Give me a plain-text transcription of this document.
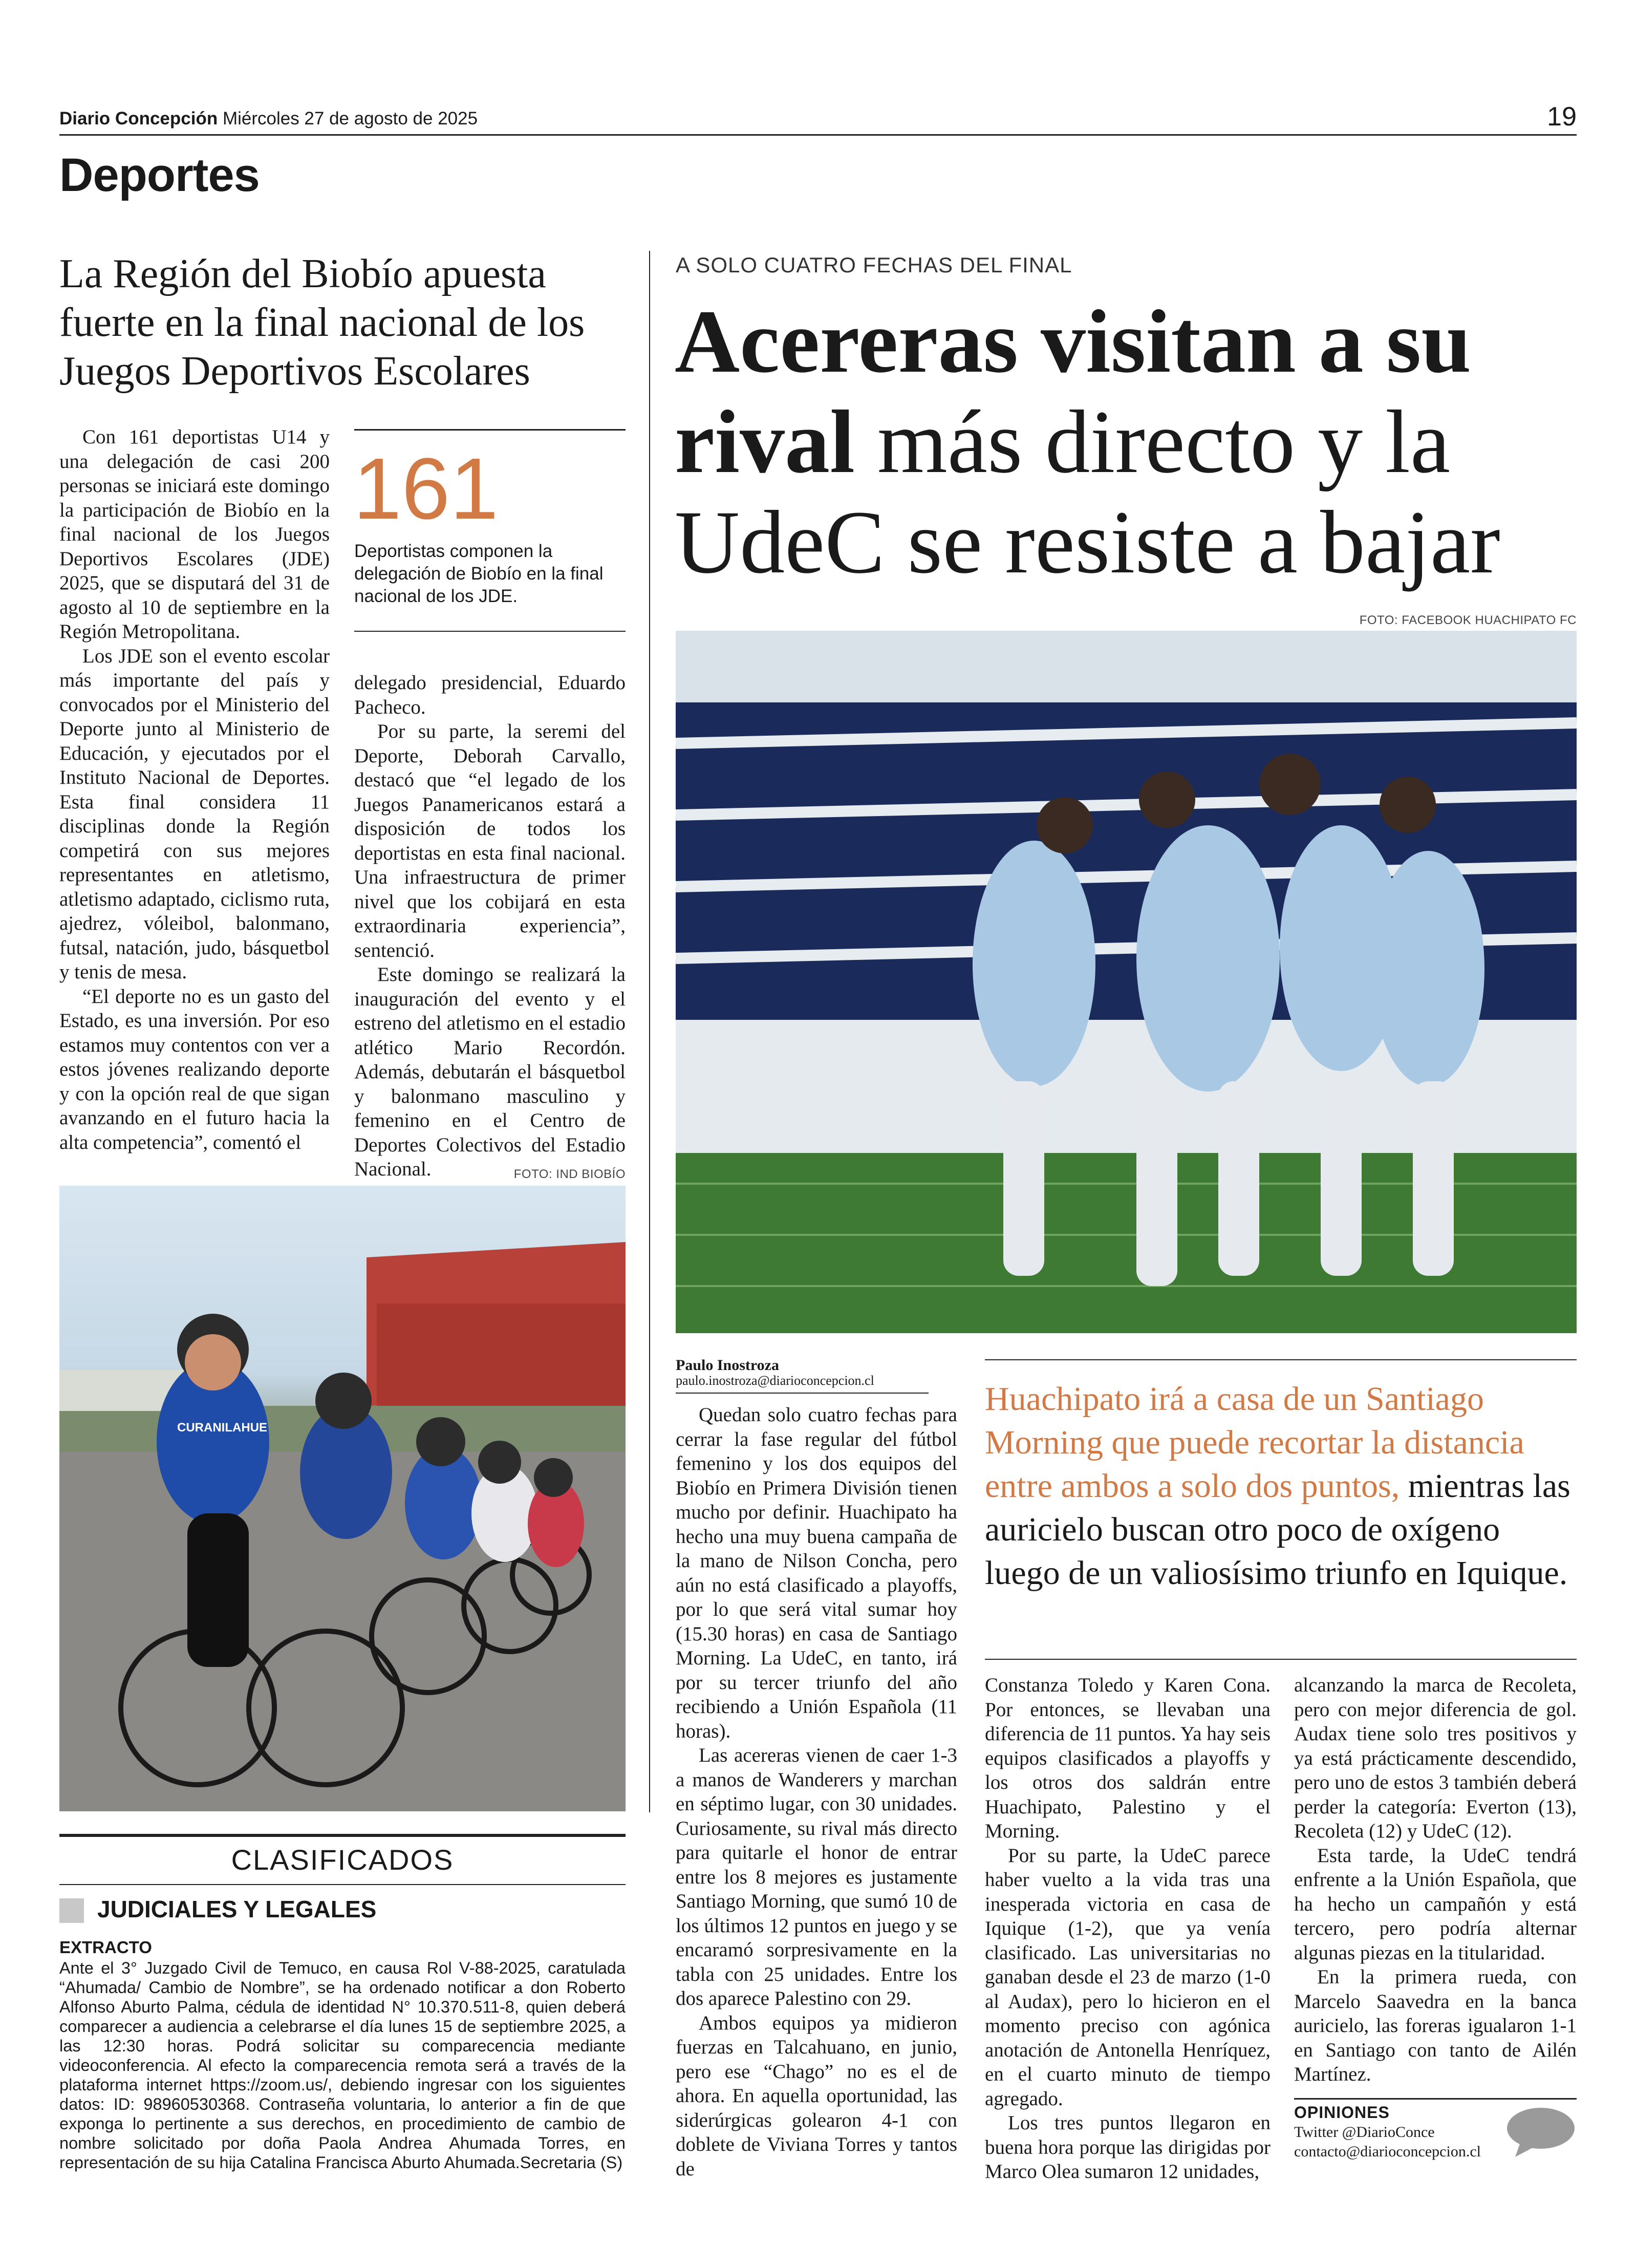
Diario Concepción Miércoles 27 de agosto de 2025	19
Deportes
La Región del Biobío apuesta fuerte en la final nacional de los Juegos Deportivos Escolares

Con 161 deportistas U14 y una delegación de casi 200 personas se iniciará este domingo la participación de Biobío en la final nacional de los Juegos Deportivos Escolares (JDE) 2025, que se disputará del 31 de agosto al 10 de septiembre en la Región Metropolitana.

Los JDE son el evento escolar más importante del país y convocados por el Ministerio del Deporte junto al Ministerio de Educación, y ejecutados por el Instituto Nacional de Deportes. Esta final considera 11 disciplinas donde la Región competirá con sus mejores representantes en atletismo, atletismo adaptado, ciclismo ruta, ajedrez, vóleibol, balonmano, futsal, natación, judo, básquetbol y tenis de mesa.

“El deporte no es un gasto del Estado, es una inversión. Por eso estamos muy contentos con ver a estos jóvenes realizando deporte y con la opción real de que sigan avanzando en el futuro hacia la alta competencia”, comentó el

161
Deportistas componen la delegación de Biobío en la final nacional de los JDE.

delegado presidencial, Eduardo Pacheco.

Por su parte, la seremi del Deporte, Deborah Carvallo, destacó que “el legado de los Juegos Panamericanos estará a disposición de todos los deportistas en esta final nacional. Una infraestructura de primer nivel que los cobijará en esta extraordinaria experiencia”, sentenció.

Este domingo se realizará la inauguración del evento y el estreno del atletismo en el estadio atlético Mario Recordón. Además, debutarán el básquetbol y balonmano masculino y femenino en el Centro de Deportes Colectivos del Estadio Nacional.	FOTO: IND BIOBÍO
CURANILAHUE
CLASIFICADOS
JUDICIALES Y LEGALES
EXTRACTO
Ante el 3° Juzgado Civil de Temuco, en causa Rol V-88-2025, caratulada “Ahumada/ Cambio de Nombre”, se ha ordenado notificar a don Roberto Alfonso Aburto Palma, cédula de identidad N° 10.370.511-8, quien deberá comparecer a audiencia a celebrarse el día lunes 15 de septiembre 2025, a las 12:30 horas. Podrá solicitar su comparecencia mediante videoconferencia. Al efecto la comparecencia remota será a través de la plataforma internet https://zoom.us/, debiendo ingresar con los siguientes datos: ID: 98960530368. Contraseña voluntaria, lo anterior a fin de que exponga lo pertinente a sus derechos, en procedimiento de cambio de nombre solicitado por doña Paola Andrea Ahumada Torres, en representación de su hija Catalina Francisca Aburto Ahumada.Secretaria (S)
A SOLO CUATRO FECHAS DEL FINAL
Acereras visitan a su
rival más directo y la
UdeC se resiste a bajar
FOTO: FACEBOOK HUACHIPATO FC
Paulo Inostroza
paulo.inostroza@diarioconcepcion.cl

Quedan solo cuatro fechas para cerrar la fase regular del fútbol femenino y los dos equipos del Biobío en Primera División tienen mucho por definir. Huachipato ha hecho una muy buena campaña de la mano de Nilson Concha, pero aún no está clasificado a playoffs, por lo que será vital sumar hoy (15.30 horas) en casa de Santiago Morning. La UdeC, en tanto, irá por su tercer triunfo del año recibiendo a Unión Española (11 horas).

Las acereras vienen de caer 1-3 a manos de Wanderers y marchan en séptimo lugar, con 30 unidades. Curiosamente, su rival más directo para quitarle el honor de entrar entre los 8 mejores es justamente Santiago Morning, que sumó 10 de los últimos 12 puntos en juego y se encaramó sorpresivamente en la tabla con 25 unidades. Entre los dos aparece Palestino con 29.

Ambos equipos ya midieron fuerzas en Talcahuano, en junio, pero ese “Chago” no es el de ahora. En aquella oportunidad, las siderúrgicas golearon 4-1 con doblete de Viviana Torres y tantos de

Huachipato irá a casa de un Santiago Morning que puede recortar la distancia entre ambos a solo dos puntos, mientras las auricielo buscan otro poco de oxígeno luego de un valiosísimo triunfo en Iquique.

Constanza Toledo y Karen Cona. Por entonces, se llevaban una diferencia de 11 puntos. Ya hay seis equipos clasificados a playoffs y los otros dos saldrán entre Huachipato, Palestino y el Morning.

Por su parte, la UdeC parece haber vuelto a la vida tras una inesperada victoria en casa de Iquique (1-2), que ya venía clasificado. Las universitarias no ganaban desde el 23 de marzo (1-0 al Audax), pero lo hicieron en el momento preciso con agónica anotación de Antonella Henríquez, en el cuarto minuto de tiempo agregado.

Los tres puntos llegaron en buena hora porque las dirigidas por Marco Olea sumaron 12 unidades,

alcanzando la marca de Recoleta, pero con mejor diferencia de gol. Audax tiene solo tres positivos y ya está prácticamente descendido, pero uno de estos 3 también deberá perder la categoría: Everton (13), Recoleta (12) y UdeC (12).

Esta tarde, la UdeC tendrá enfrente a la Unión Española, que ha hecho un campañón y está tercero, pero podría alternar algunas piezas en la titularidad.

En la primera rueda, con Marcelo Saavedra en la banca auricielo, las foreras igualaron 1-1 en Santiago con tanto de Ailén Martínez.

OPINIONES
Twitter @DiarioConce
contacto@diarioconcepcion.cl
